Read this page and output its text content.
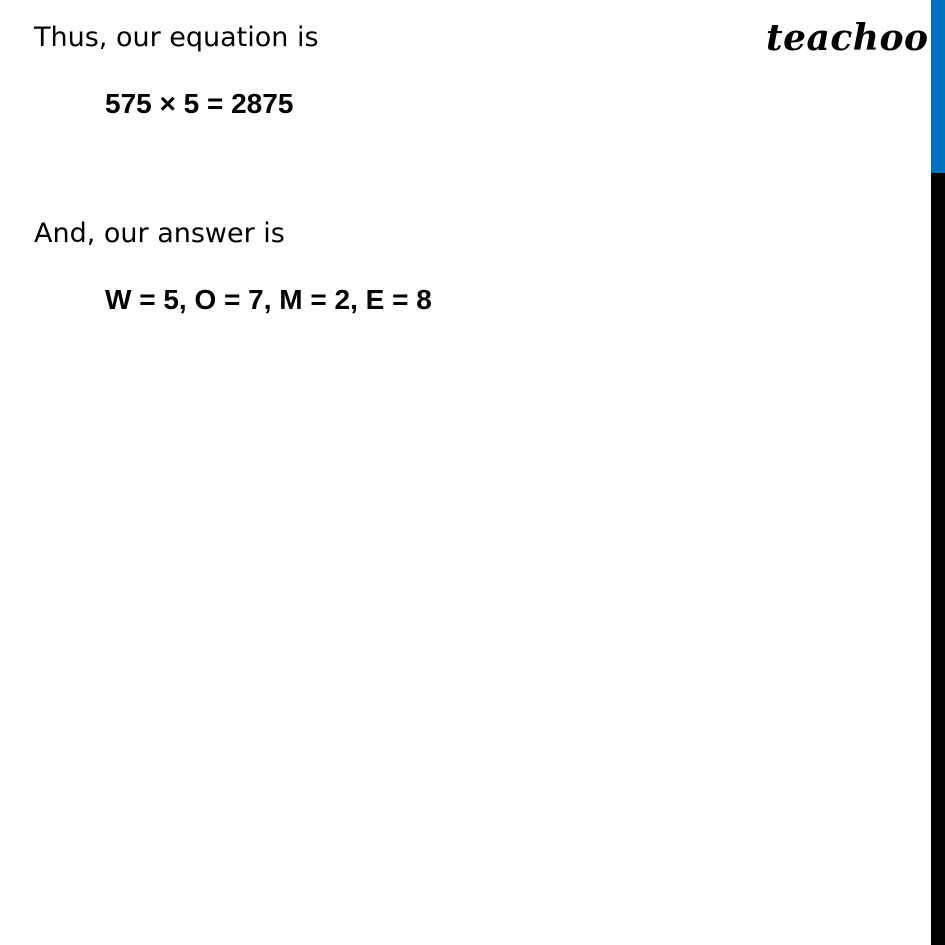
Thus, our equation is

575 × 5 = 2875

And, our answer is

W = 5, O = 7, M = 2, E = 8

teachoo
